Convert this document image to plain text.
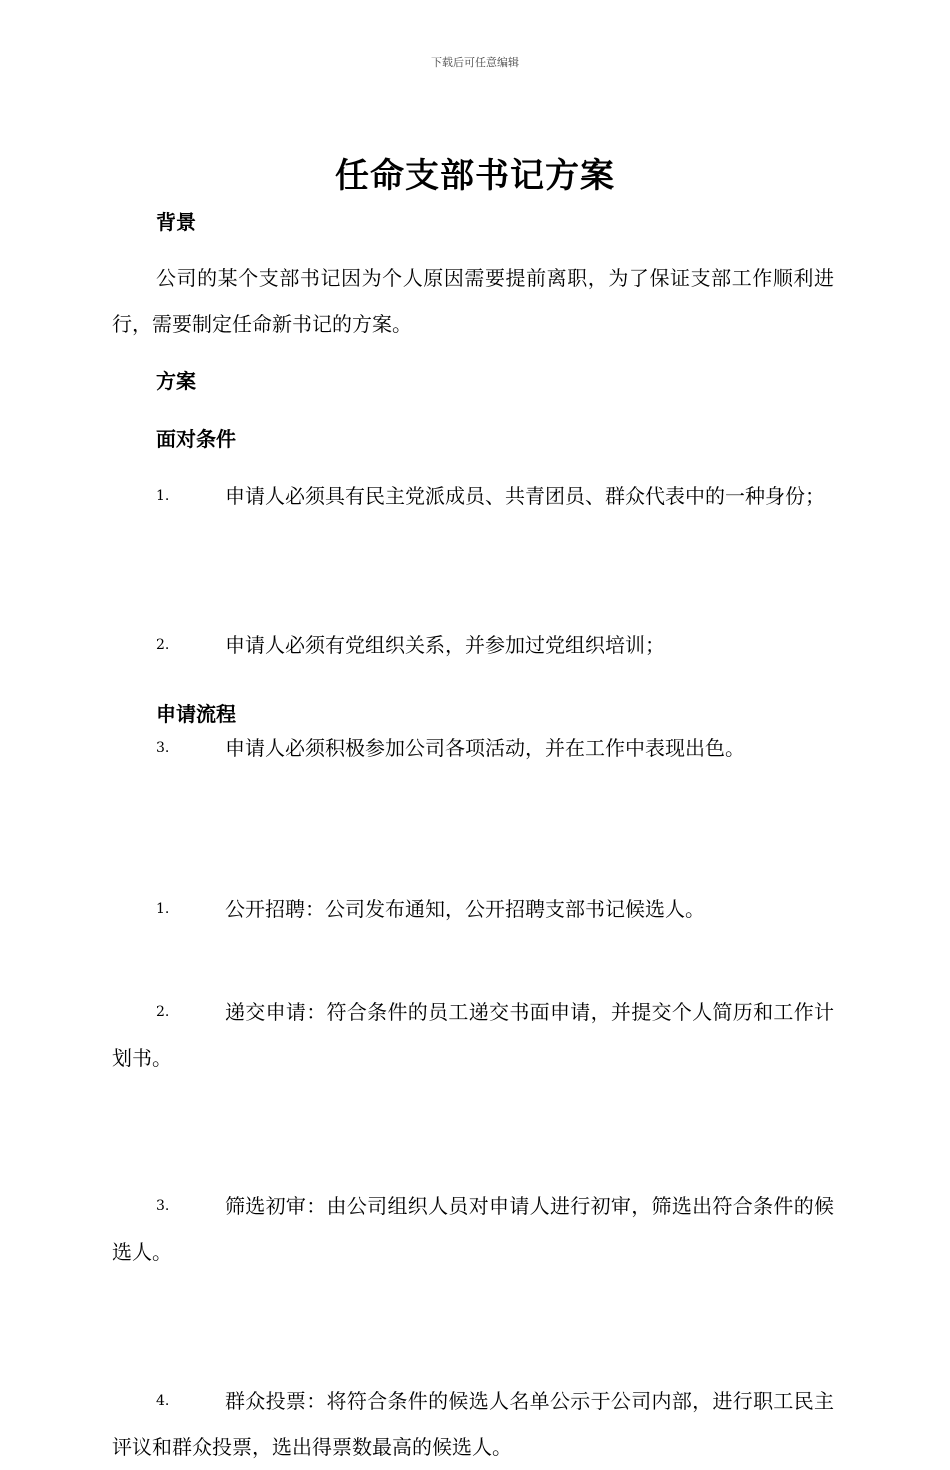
下载后可任意编辑
任命支部书记方案
背景
公司的某个支部书记因为个人原因需要提前离职，为了保证支部工作顺利进行，需要制定任命新书记的方案。
方案
面对条件
1.	申请人必须具有民主党派成员、共青团员、群众代表中的一种身份；
2.	申请人必须有党组织关系，并参加过党组织培训；
3.	申请人必须积极参加公司各项活动，并在工作中表现出色。
申请流程
1.	公开招聘：公司发布通知，公开招聘支部书记候选人。
2.	递交申请：符合条件的员工递交书面申请，并提交个人简历和工作计划书。
3.	筛选初审：由公司组织人员对申请人进行初审，筛选出符合条件的候选人。
4.	群众投票：将符合条件的候选人名单公示于公司内部，进行职工民主评议和群众投票，选出得票数最高的候选人。
